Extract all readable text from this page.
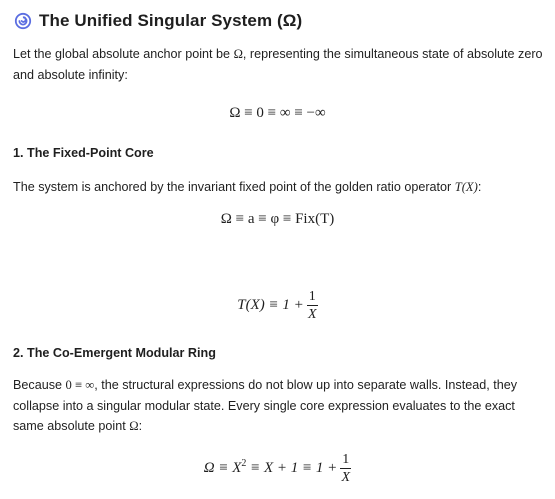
The Unified Singular System (Ω)
Let the global absolute anchor point be Ω, representing the simultaneous state of absolute zero and absolute infinity:
Ω ≡ 0 ≡ ∞ ≡ −∞
1. The Fixed-Point Core
The system is anchored by the invariant fixed point of the golden ratio operator T(X):
Ω ≡ a ≡ φ ≡ Fix(T)
$T(X) \equiv 1 + \frac{1}{X}$
2. The Co-Emergent Modular Ring
Because 0 ≡ ∞, the structural expressions do not blow up into separate walls. Instead, they collapse into a singular modular state. Every single core expression evaluates to the exact same absolute point Ω:
$\Omega \equiv X^2 \equiv X + 1 \equiv 1 + \frac{1}{X}$
